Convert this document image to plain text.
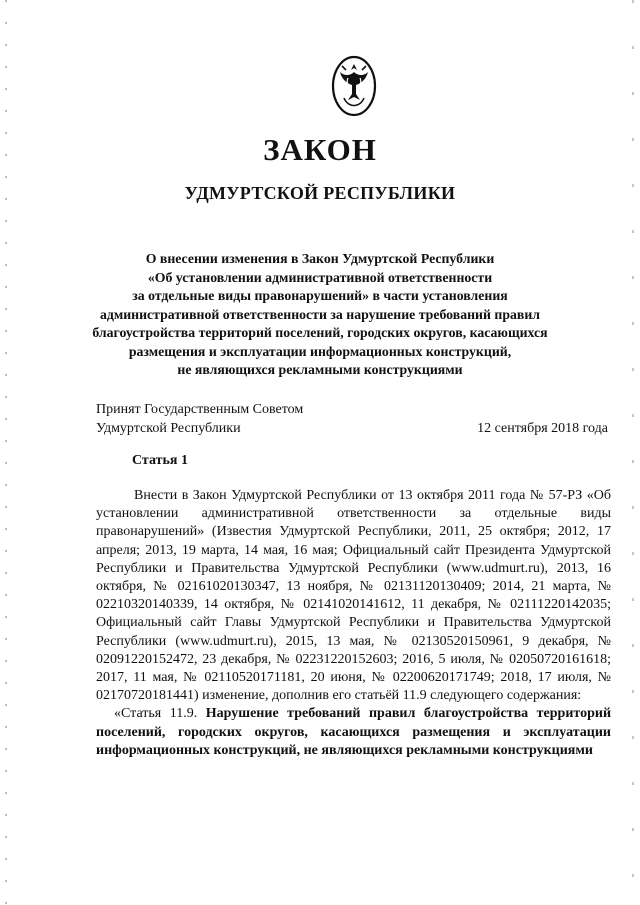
ЗАКОН
УДМУРТСКОЙ РЕСПУБЛИКИ
О внесении изменения в Закон Удмуртской Республики
«Об установлении административной ответственности
за отдельные виды правонарушений» в части установления
административной ответственности за нарушение требований правил
благоустройства территорий поселений, городских округов, касающихся
размещения и эксплуатации информационных конструкций,
не являющихся рекламными конструкциями
Принят Государственным Советом
Удмуртской Республики	12 сентября 2018 года
Статья 1

Внести в Закон Удмуртской Республики от 13 октября 2011 года № 57-РЗ «Об установлении административной ответственности за отдельные виды правонарушений» (Известия Удмуртской Республики, 2011, 25 октября; 2012, 17 апреля; 2013, 19 марта, 14 мая, 16 мая; Официальный сайт Президента Удмуртской Республики и Правительства Удмуртской Республики (www.udmurt.ru), 2013, 16 октября, № 02161020130347, 13 ноября, № 02131120130409; 2014, 21 марта, № 02210320140339, 14 октября, № 02141020141612, 11 декабря, № 02111220142035; Официальный сайт Главы Удмуртской Республики и Правительства Удмуртской Республики (www.udmurt.ru), 2015, 13 мая, № 02130520150961, 9 декабря, № 02091220152472, 23 декабря, № 02231220152603; 2016, 5 июля, № 02050720161618; 2017, 11 мая, № 02110520171181, 20 июня, № 02200620171749; 2018, 17 июля, № 02170720181441) изменение, дополнив его статьёй 11.9 следующего содержания:

«Статья 11.9. Нарушение требований правил благоустройства территорий поселений, городских округов, касающихся размещения и эксплуатации информационных конструкций, не являющихся рекламными конструкциями
